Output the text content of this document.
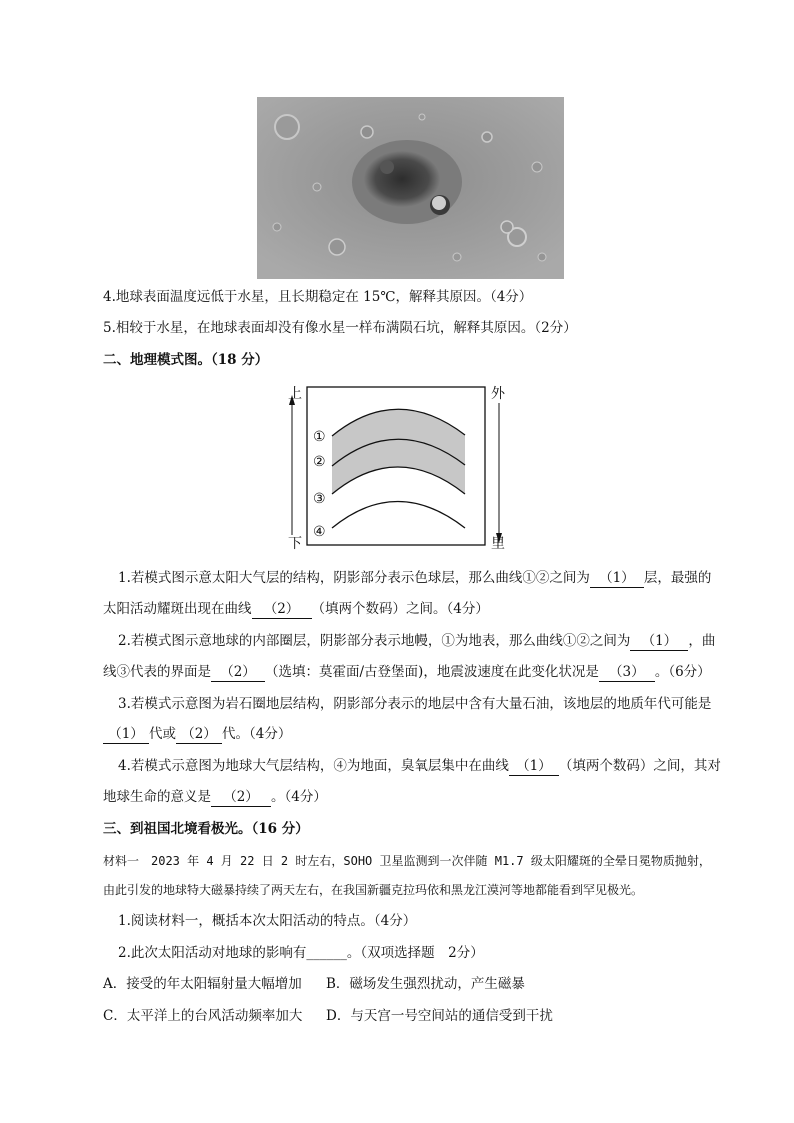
4.地球表面温度远低于水星，且长期稳定在 15℃，解释其原因。（4分）
5.相较于水星，在地球表面却没有像水星一样布满陨石坑，解释其原因。（2分）
二、地理模式图。（18 分）
上
下
外
里
①
②
③
④
1.若模式图示意太阳大气层的结构，阴影部分表示色球层，那么曲线①②之间为 （1） 层，最强的
太阳活动耀斑出现在曲线 （2） （填两个数码）之间。（4分）
2.若模式图示意地球的内部圈层，阴影部分表示地幔，①为地表，那么曲线①②之间为 （1） ，曲
线③代表的界面是 （2） （选填：莫霍面/古登堡面)，地震波速度在此变化状况是 （3） 。（6分）
3.若模式示意图为岩石圈地层结构，阴影部分表示的地层中含有大量石油，该地层的地质年代可能是
（1） 代或 （2） 代。（4分）
4.若模式示意图为地球大气层结构，④为地面，臭氧层集中在曲线 （1） （填两个数码）之间，其对
地球生命的意义是 （2） 。（4分）
三、到祖国北境看极光。（16 分）
材料一　2023 年 4 月 22 日 2 时左右，SOHO 卫星监测到一次伴随 M1.7 级太阳耀斑的全晕日冕物质抛射，
由此引发的地球特大磁暴持续了两天左右，在我国新疆克拉玛依和黑龙江漠河等地都能看到罕见极光。
1.阅读材料一，概括本次太阳活动的特点。（4分）
2.此次太阳活动对地球的影响有______。（双项选择题　2分）
A．接受的年太阳辐射量大幅增加 B．磁场发生强烈扰动，产生磁暴
C．太平洋上的台风活动频率加大 D．与天宫一号空间站的通信受到干扰
